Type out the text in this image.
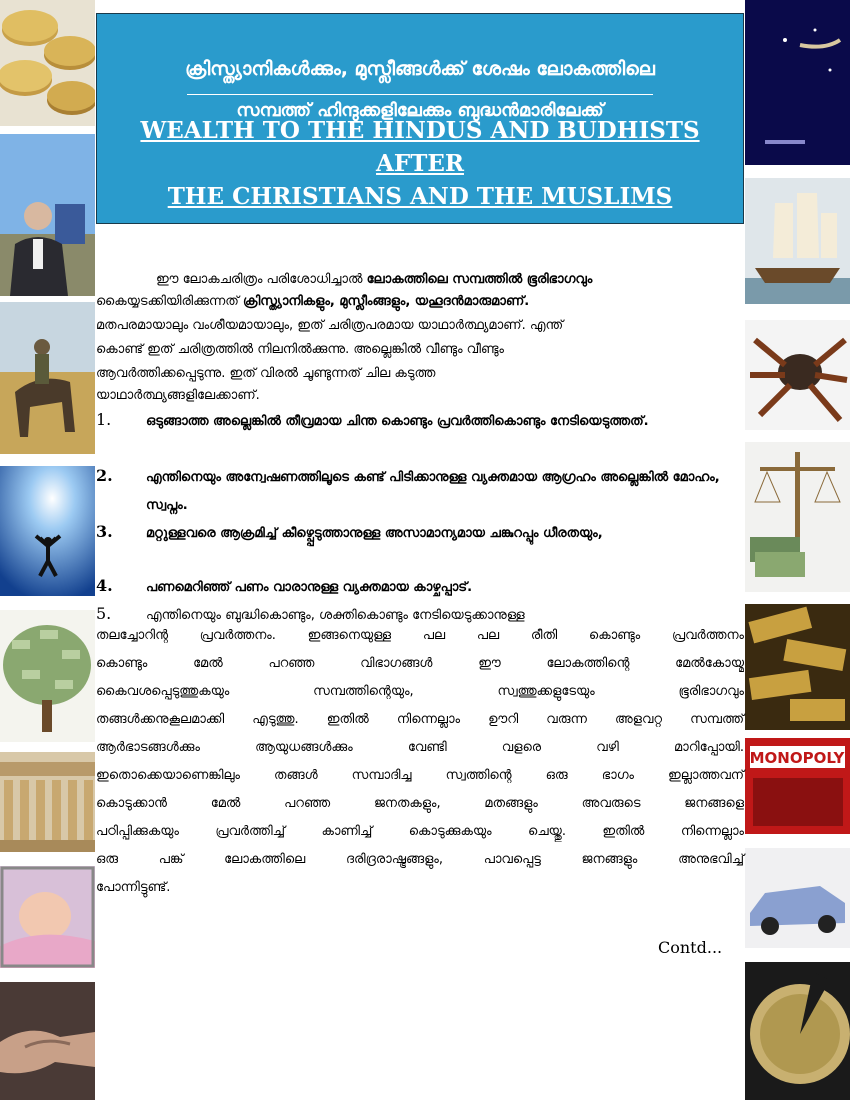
MONOPOLY
ക്രിസ്ത്യാനികൾക്കും, മുസ്ലീങ്ങൾക്ക് ശേഷം ലോകത്തിലെ
സമ്പത്ത് ഹിന്ദുക്കളിലേക്കും ബുദ്ധൻമാരിലേക്ക്
WEALTH TO THE HINDUS AND BUDHISTS AFTER
THE CHRISTIANS AND THE MUSLIMS
ഈ ലോകചരിത്രം പരിശോധിച്ചാൽ ലോകത്തിലെ സമ്പത്തിൽ ഭൂരിഭാഗവും
കൈയ്യടക്കിയിരിക്കുന്നത് ക്രിസ്ത്യാനികളും, മുസ്ലീംങ്ങളും, യഹൂദൻമാരുമാണ്.
മതപരമായാലും വംശീയമായാലും, ഇത് ചരിത്രപരമായ യാഥാർത്ഥ്യമാണ്. എന്ത്
കൊണ്ട് ഇത് ചരിത്രത്തിൽ നിലനിൽക്കുന്നു. അല്ലെങ്കിൽ വീണ്ടും വീണ്ടും
ആവർത്തിക്കപ്പെടുന്നു. ഇത് വിരൽ ചൂണ്ടുന്നത് ചില കടുത്ത
യാഥാർത്ഥ്യങ്ങളിലേക്കാണ്.
1.	ഒടുങ്ങാത്ത അല്ലെങ്കിൽ തീവ്രമായ ചിന്ത കൊണ്ടും പ്രവർത്തികൊണ്ടും നേടിയെടുത്തത്.
2.	എന്തിനെയും അന്വേഷണത്തിലൂടെ കണ്ട് പിടിക്കാനുള്ള വ്യക്തമായ ആഗ്രഹം അല്ലെങ്കിൽ മോഹം, സ്വപ്നം.
3.	മറ്റുള്ളവരെ ആക്രമിച്ച് കീഴ്പ്പെടുത്താനുള്ള അസാമാന്യമായ ചങ്കുറപ്പും ധീരതയും,
4.	പണമെറിഞ്ഞ് പണം വാരാനുള്ള വ്യക്തമായ കാഴ്ചപ്പാട്.
5.	എന്തിനെയും ബുദ്ധികൊണ്ടും, ശക്തികൊണ്ടും നേടിയെടുക്കാനുള്ള
തലച്ചോറിന്റ പ്രവർത്തനം. ഇങ്ങനെയുള്ള പല പല രീതി കൊണ്ടും പ്രവർത്തനം
കൊണ്ടും മേൽ പറഞ്ഞ വിഭാഗങ്ങൾ ഈ ലോകത്തിന്റെ മേൽകോയ്മ
കൈവശപ്പെടുത്തുകയും സമ്പത്തിന്റെയും, സ്വത്തുക്കളുടേയും ഭൂരിഭാഗവും
തങ്ങൾക്കനുകൂലമാക്കി എടുത്തു. ഇതിൽ നിന്നെല്ലാം ഊറി വരുന്ന അളവറ്റ സമ്പത്ത്
ആർഭാടങ്ങൾക്കും ആയുധങ്ങൾക്കും വേണ്ടി വളരെ വഴി മാറിപ്പോയി.
ഇതൊക്കെയാണെങ്കിലും തങ്ങൾ സമ്പാദിച്ച സ്വത്തിന്റെ ഒരു ഭാഗം ഇല്ലാത്തവന്
കൊടുക്കാൻ മേൽ പറഞ്ഞ ജനതകളും, മതങ്ങളും അവരുടെ ജനങ്ങളെ
പഠിപ്പിക്കുകയും പ്രവർത്തിച്ച് കാണിച്ച് കൊടുക്കുകയും ചെയ്തു. ഇതിൽ നിന്നെല്ലാം
ഒരു പങ്ക് ലോകത്തിലെ ദരിദ്രരാഷ്ട്രങ്ങളും, പാവപ്പെട്ട ജനങ്ങളും അനുഭവിച്ച്
പോന്നിട്ടുണ്ട്.
Contd...
